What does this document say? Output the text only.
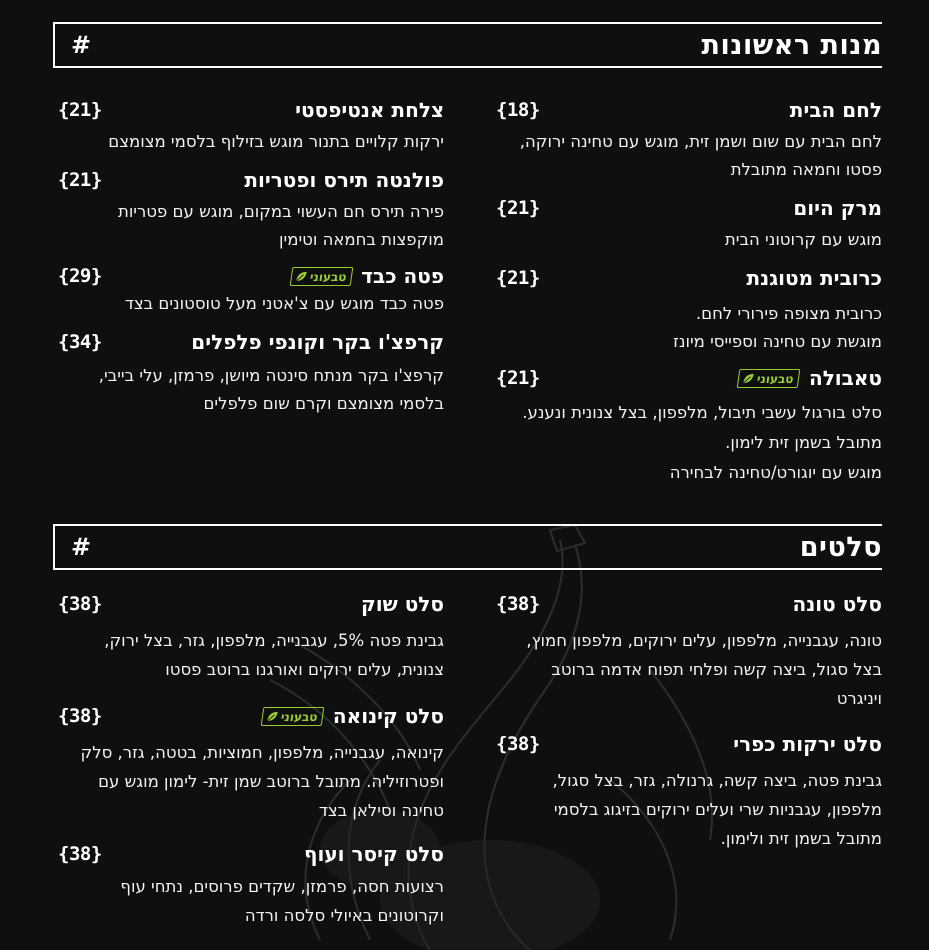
מנות ראשונות
#
לחם הבית
{18}
לחם הבית עם שום ושמן זית, מוגש עם טחינה ירוקה,
פסטו וחמאה מתובלת
מרק היום
{21}
מוגש עם קרוטוני הבית
כרובית מטוגנת
{21}
כרובית מצופה פירורי לחם.
מוגשת עם טחינה וספייסי מיונז
טאבולה
טבעוני
{21}
סלט בורגול עשבי תיבול, מלפפון, בצל צנונית ונענע.
מתובל בשמן זית לימון.
מוגש עם יוגורט/טחינה לבחירה
צלחת אנטיפסטי
{21}
ירקות קלויים בתנור מוגש בזילוף בלסמי מצומצם
פולנטה תירס ופטריות
{21}
פירה תירס חם העשוי במקום, מוגש עם פטריות
מוקפצות בחמאה וטימין
פטה כבד
טבעוני
{29}
פטה כבד מוגש עם צ'אטני מעל טוסטונים בצד
קרפצ'ו בקר וקונפי פלפלים
{34}
קרפצ'ו בקר מנתח סינטה מיושן, פרמזן, עלי בייבי,
בלסמי מצומצם וקרם שום פלפלים
סלטים
#
סלט טונה
{38}
טונה, עגבנייה, מלפפון, עלים ירוקים, מלפפון חמוץ,
בצל סגול, ביצה קשה ופלחי תפוח אדמה ברוטב
ויניגרט
סלט ירקות כפרי
{38}
גבינת פטה, ביצה קשה, גרנולה, גזר, בצל סגול,
מלפפון, עגבניות שרי ועלים ירוקים בזיגוג בלסמי
מתובל בשמן זית ולימון.
סלט שוק
{38}
גבינת פטה 5%, עגבנייה, מלפפון, גזר, בצל ירוק,
צנונית, עלים ירוקים ואורגנו ברוטב פסטו
סלט קינואה
טבעוני
{38}
קינואה, עגבנייה, מלפפון, חמוציות, בטטה, גזר, סלק
ופטרוזיליה. מתובל ברוטב שמן זית- לימון מוגש עם
טחינה וסילאן בצד
סלט קיסר ועוף
{38}
רצועות חסה, פרמזן, שקדים פרוסים, נתחי עוף
וקרוטונים באיולי סלסה ורדה
